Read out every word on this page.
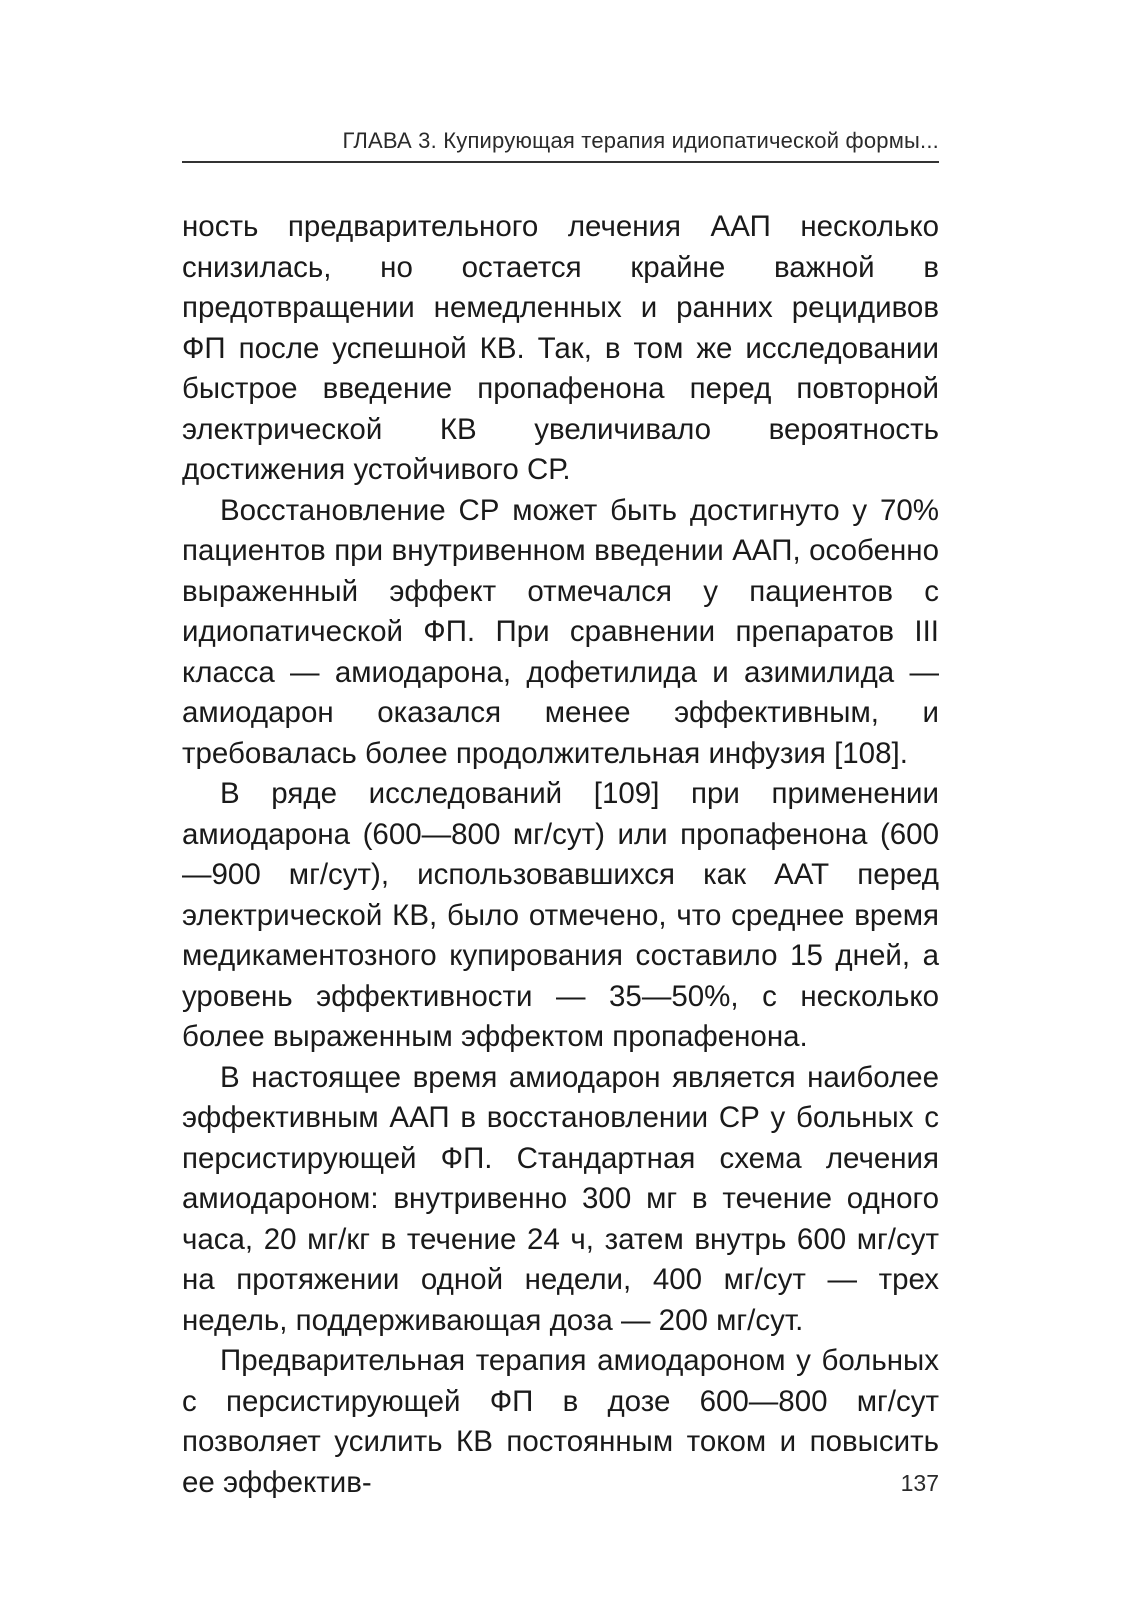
ГЛАВА 3. Купирующая терапия идиопатической формы...

ность предварительного лечения ААП несколько снизилась, но остается крайне важной в предотвращении немедленных и ранних рецидивов ФП после успешной КВ. Так, в том же исследовании быстрое введение пропафенона перед повторной электрической КВ увеличивало вероятность достижения устойчивого СР.

Восстановление СР может быть достигнуто у 70% пациентов при внутривенном введении ААП, особенно выраженный эффект отмечался у пациентов с идиопатической ФП. При сравнении препаратов III класса — амиодарона, дофетилида и азимилида — амиодарон оказался менее эффективным, и требовалась более продолжительная инфузия [108].

В ряде исследований [109] при применении амиодарона (600—800 мг/сут) или пропафенона (600—900 мг/сут), использовавшихся как ААТ перед электрической КВ, было отмечено, что среднее время медикаментозного купирования составило 15 дней, а уровень эффективности — 35—50%, с несколько более выраженным эффектом пропафенона.

В настоящее время амиодарон является наиболее эффективным ААП в восстановлении СР у больных с персистирующей ФП. Стандартная схема лечения амиодароном: внутривенно 300 мг в течение одного часа, 20 мг/кг в течение 24 ч, затем внутрь 600 мг/сут на протяжении одной недели, 400 мг/сут — трех недель, поддерживающая доза — 200 мг/сут.

Предварительная терапия амиодароном у больных с персистирующей ФП в дозе 600—800 мг/сут позволяет усилить КВ постоянным током и повысить ее эффектив-	137
